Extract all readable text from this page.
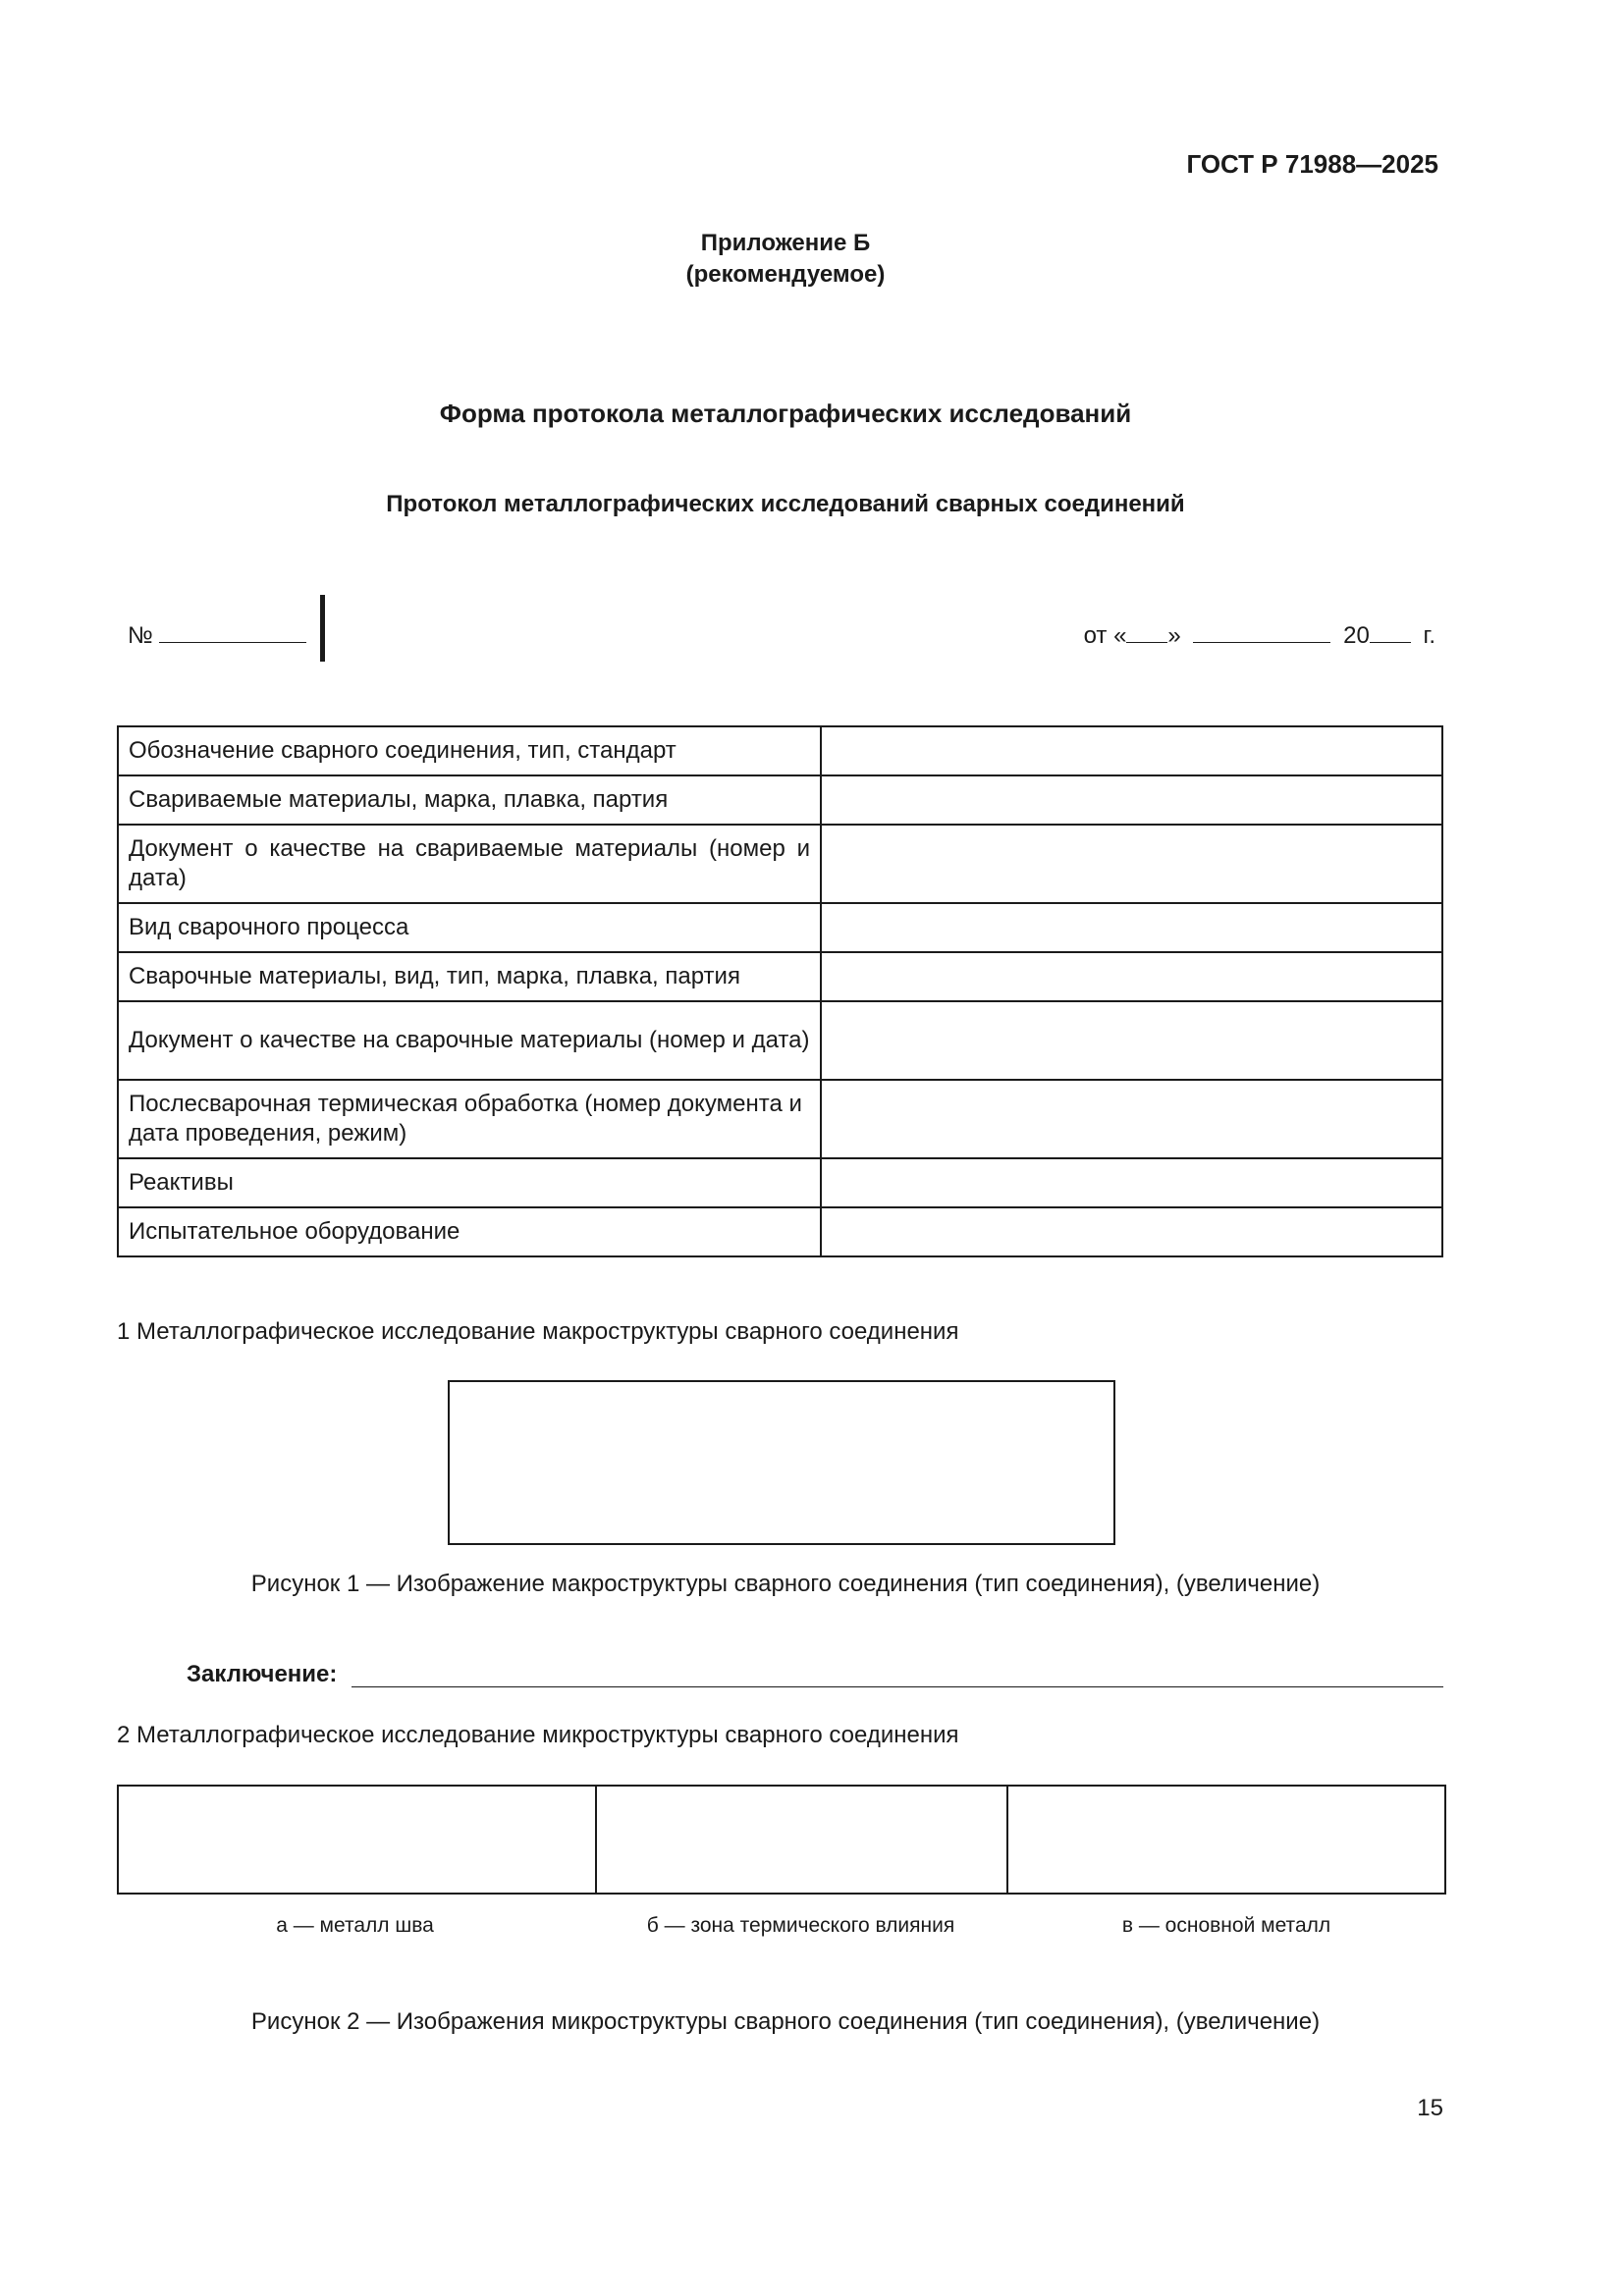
ГОСТ Р 71988—2025
Приложение Б
(рекомендуемое)
Форма протокола металлографических исследований
Протокол металлографических исследований сварных соединений
№	от « »	20 г.
Обозначение сварного соединения, тип, стандарт	
Свариваемые материалы, марка, плавка, партия	
Документ о качестве на свариваемые материалы (номер и дата)	
Вид сварочного процесса	
Сварочные материалы, вид, тип, марка, плавка, партия	
Документ о качестве на сварочные материалы (номер и дата)	
Послесварочная термическая обработка (номер документа и дата проведения, режим)	
Реактивы	
Испытательное оборудование	
1 Металлографическое исследование макроструктуры сварного соединения
Рисунок 1 — Изображение макроструктуры сварного соединения (тип соединения), (увеличение)
Заключение:
2 Металлографическое исследование микроструктуры сварного соединения
а — металл шва	б — зона термического влияния	в — основной металл
Рисунок 2 — Изображения микроструктуры сварного соединения (тип соединения), (увеличение)
15
